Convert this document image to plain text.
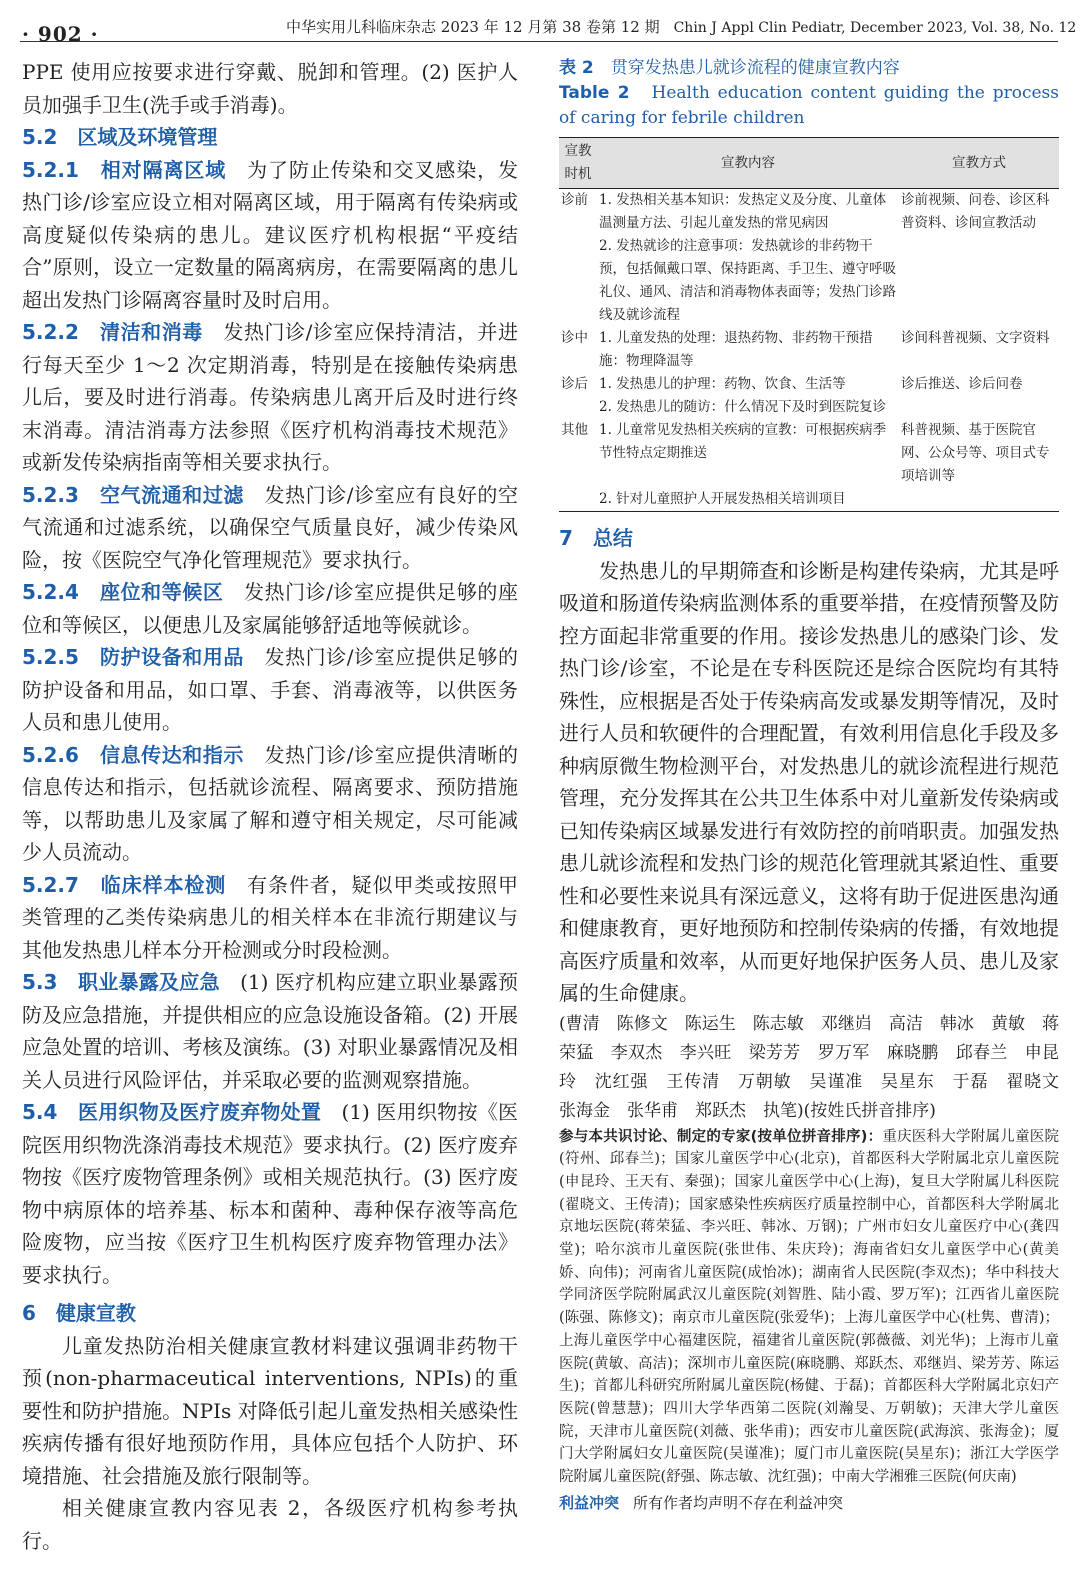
· 902 ·	中华实用儿科临床杂志 2023 年 12 月第 38 卷第 12 期 Chin J Appl Clin Pediatr, December 2023, Vol. 38, No. 12

PPE 使用应按要求进行穿戴、脱卸和管理。(2) 医护人员加强手卫生(洗手或手消毒)。

5.2　区域及环境管理

5.2.1　相对隔离区域　 为了防止传染和交叉感染，发热门诊/诊室应设立相对隔离区域，用于隔离有传染病或高度疑似传染病的患儿。建议医疗机构根据“平疫结合”原则，设立一定数量的隔离病房，在需要隔离的患儿超出发热门诊隔离容量时及时启用。

5.2.2　清洁和消毒　 发热门诊/诊室应保持清洁，并进行每天至少 1～2 次定期消毒，特别是在接触传染病患儿后，要及时进行消毒。传染病患儿离开后及时进行终末消毒。清洁消毒方法参照《医疗机构消毒技术规范》或新发传染病指南等相关要求执行。

5.2.3　空气流通和过滤　 发热门诊/诊室应有良好的空气流通和过滤系统，以确保空气质量良好，减少传染风险，按《医院空气净化管理规范》要求执行。

5.2.4　座位和等候区　 发热门诊/诊室应提供足够的座位和等候区，以便患儿及家属能够舒适地等候就诊。

5.2.5　防护设备和用品　 发热门诊/诊室应提供足够的防护设备和用品，如口罩、手套、消毒液等，以供医务人员和患儿使用。

5.2.6　信息传达和指示　 发热门诊/诊室应提供清晰的信息传达和指示，包括就诊流程、隔离要求、预防措施等，以帮助患儿及家属了解和遵守相关规定，尽可能减少人员流动。

5.2.7　临床样本检测　 有条件者，疑似甲类或按照甲类管理的乙类传染病患儿的相关样本在非流行期建议与其他发热患儿样本分开检测或分时段检测。

5.3　职业暴露及应急　 (1) 医疗机构应建立职业暴露预防及应急措施，并提供相应的应急设施设备箱。(2) 开展应急处置的培训、考核及演练。(3) 对职业暴露情况及相关人员进行风险评估，并采取必要的监测观察措施。

5.4　医用织物及医疗废弃物处置　 (1) 医用织物按《医院医用织物洗涤消毒技术规范》要求执行。(2) 医疗废弃物按《医疗废物管理条例》或相关规范执行。(3) 医疗废物中病原体的培养基、标本和菌种、毒种保存液等高危险废物，应当按《医疗卫生机构医疗废弃物管理办法》要求执行。

6　健康宣教

儿童发热防治相关健康宣教材料建议强调非药物干预(non-pharmaceutical interventions, NPIs)的重要性和防护措施。NPIs 对降低引起儿童发热相关感染性疾病传播有很好地预防作用，具体应包括个人防护、环境措施、社会措施及旅行限制等。

相关健康宣教内容见表 2，各级医疗机构参考执行。

表 2　 贯穿发热患儿就诊流程的健康宣教内容
Table 2　 Health education content guiding the process of caring for febrile children
宣教时机	宣教内容	宣教方式
诊前	1. 发热相关基本知识：发热定义及分度、儿童体温测量方法、引起儿童发热的常见病因	诊前视频、问卷、诊区科普资料、诊间宣教活动
	2. 发热就诊的注意事项：发热就诊的非药物干预，包括佩戴口罩、保持距离、手卫生、遵守呼吸礼仪、通风、清洁和消毒物体表面等；发热门诊路线及就诊流程	
诊中	1. 儿童发热的处理：退热药物、非药物干预措施：物理降温等	诊间科普视频、文字资料
诊后	1. 发热患儿的护理：药物、饮食、生活等	诊后推送、诊后问卷
	2. 发热患儿的随访：什么情况下及时到医院复诊	
其他	1. 儿童常见发热相关疾病的宣教：可根据疾病季节性特点定期推送	科普视频、基于医院官网、公众号等、项目式专项培训等
	2. 针对儿童照护人开展发热相关培训项目	

7　总结

发热患儿的早期筛查和诊断是构建传染病，尤其是呼吸道和肠道传染病监测体系的重要举措，在疫情预警及防控方面起非常重要的作用。接诊发热患儿的感染门诊、发热门诊/诊室，不论是在专科医院还是综合医院均有其特殊性，应根据是否处于传染病高发或暴发期等情况，及时进行人员和软硬件的合理配置，有效利用信息化手段及多种病原微生物检测平台，对发热患儿的就诊流程进行规范管理，充分发挥其在公共卫生体系中对儿童新发传染病或已知传染病区域暴发进行有效防控的前哨职责。加强发热患儿就诊流程和发热门诊的规范化管理就其紧迫性、重要性和必要性来说具有深远意义，这将有助于促进医患沟通和健康教育，更好地预防和控制传染病的传播，有效地提高医疗质量和效率，从而更好地保护医务人员、患儿及家属的生命健康。

(曹清　陈修文　陈运生　陈志敏　邓继岿　高洁　韩冰　黄敏　蒋荣猛　李双杰　李兴旺　梁芳芳　罗万军　麻晓鹏　邱春兰　申昆玲　沈红强　王传清　万朝敏　吴谨准　吴星东　于磊　翟晓文　张海金　张华甫　郑跃杰　执笔)(按姓氏拼音排序)

参与本共识讨论、制定的专家(按单位拼音排序)：重庆医科大学附属儿童医院(符州、邱春兰)；国家儿童医学中心(北京)，首都医科大学附属北京儿童医院(申昆玲、王天有、秦强)；国家儿童医学中心(上海)，复旦大学附属儿科医院(翟晓文、王传清)；国家感染性疾病医疗质量控制中心，首都医科大学附属北京地坛医院(蒋荣猛、李兴旺、韩冰、万钢)；广州市妇女儿童医疗中心(龚四堂)；哈尔滨市儿童医院(张世伟、朱庆玲)；海南省妇女儿童医学中心(黄美娇、向伟)；河南省儿童医院(成怡冰)；湖南省人民医院(李双杰)；华中科技大学同济医学院附属武汉儿童医院(刘智胜、陆小霞、罗万军)；江西省儿童医院(陈强、陈修文)；南京市儿童医院(张爱华)；上海儿童医学中心(杜隽、曹清)；上海儿童医学中心福建医院，福建省儿童医院(郭薇薇、刘光华)；上海市儿童医院(黄敏、高洁)；深圳市儿童医院(麻晓鹏、郑跃杰、邓继岿、梁芳芳、陈运生)；首都儿科研究所附属儿童医院(杨健、于磊)；首都医科大学附属北京妇产医院(曾慧慧)；四川大学华西第二医院(刘瀚旻、万朝敏)；天津大学儿童医院，天津市儿童医院(刘薇、张华甫)；西安市儿童医院(武海滨、张海金)；厦门大学附属妇女儿童医院(吴谨准)；厦门市儿童医院(吴星东)；浙江大学医学院附属儿童医院(舒强、陈志敏、沈红强)；中南大学湘雅三医院(何庆南)

利益冲突 所有作者均声明不存在利益冲突
